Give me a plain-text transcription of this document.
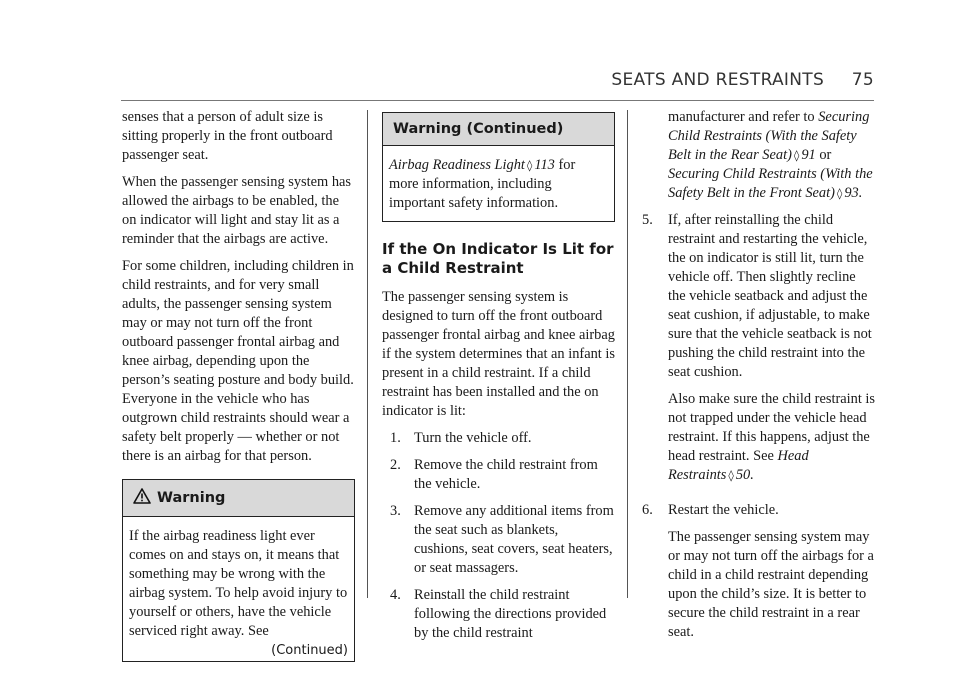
SEATS AND RESTRAINTS 75

senses that a person of adult size is sitting properly in the front outboard passenger seat.

When the passenger sensing system has allowed the airbags to be enabled, the on indicator will light and stay lit as a reminder that the airbags are active.

For some children, including children in child restraints, and for very small adults, the passenger sensing system may or may not turn off the front outboard passenger frontal airbag and knee airbag, depending upon the person’s seating posture and body build. Everyone in the vehicle who has outgrown child restraints should wear a safety belt properly — whether or not there is an airbag for that person.

Warning

If the airbag readiness light ever comes on and stays on, it means that something may be wrong with the airbag system. To help avoid injury to yourself or others, have the vehicle serviced right away. See

(Continued)
Warning (Continued)

Airbag Readiness Light ◊ 113 for more information, including important safety information.

If the On Indicator Is Lit for a Child Restraint

The passenger sensing system is designed to turn off the front outboard passenger frontal airbag and knee airbag if the system determines that an infant is present in a child restraint. If a child restraint has been installed and the on indicator is lit:

1. Turn the vehicle off.
2. Remove the child restraint from the vehicle.
3. Remove any additional items from the seat such as blankets, cushions, seat covers, seat heaters, or seat massagers.
4. Reinstall the child restraint following the directions provided by the child restraint

manufacturer and refer to Securing Child Restraints (With the Safety Belt in the Rear Seat) ◊ 91 or Securing Child Restraints (With the Safety Belt in the Front Seat) ◊ 93.

5.	If, after reinstalling the child restraint and restarting the vehicle, the on indicator is still lit, turn the vehicle off. Then slightly recline the vehicle seatback and adjust the seat cushion, if adjustable, to make sure that the vehicle seatback is not pushing the child restraint into the seat cushion.

Also make sure the child restraint is not trapped under the vehicle head restraint. If this happens, adjust the head restraint. See Head Restraints ◊ 50.

6.	Restart the vehicle.

The passenger sensing system may or may not turn off the airbags for a child in a child restraint depending upon the child’s size. It is better to secure the child restraint in a rear seat.
